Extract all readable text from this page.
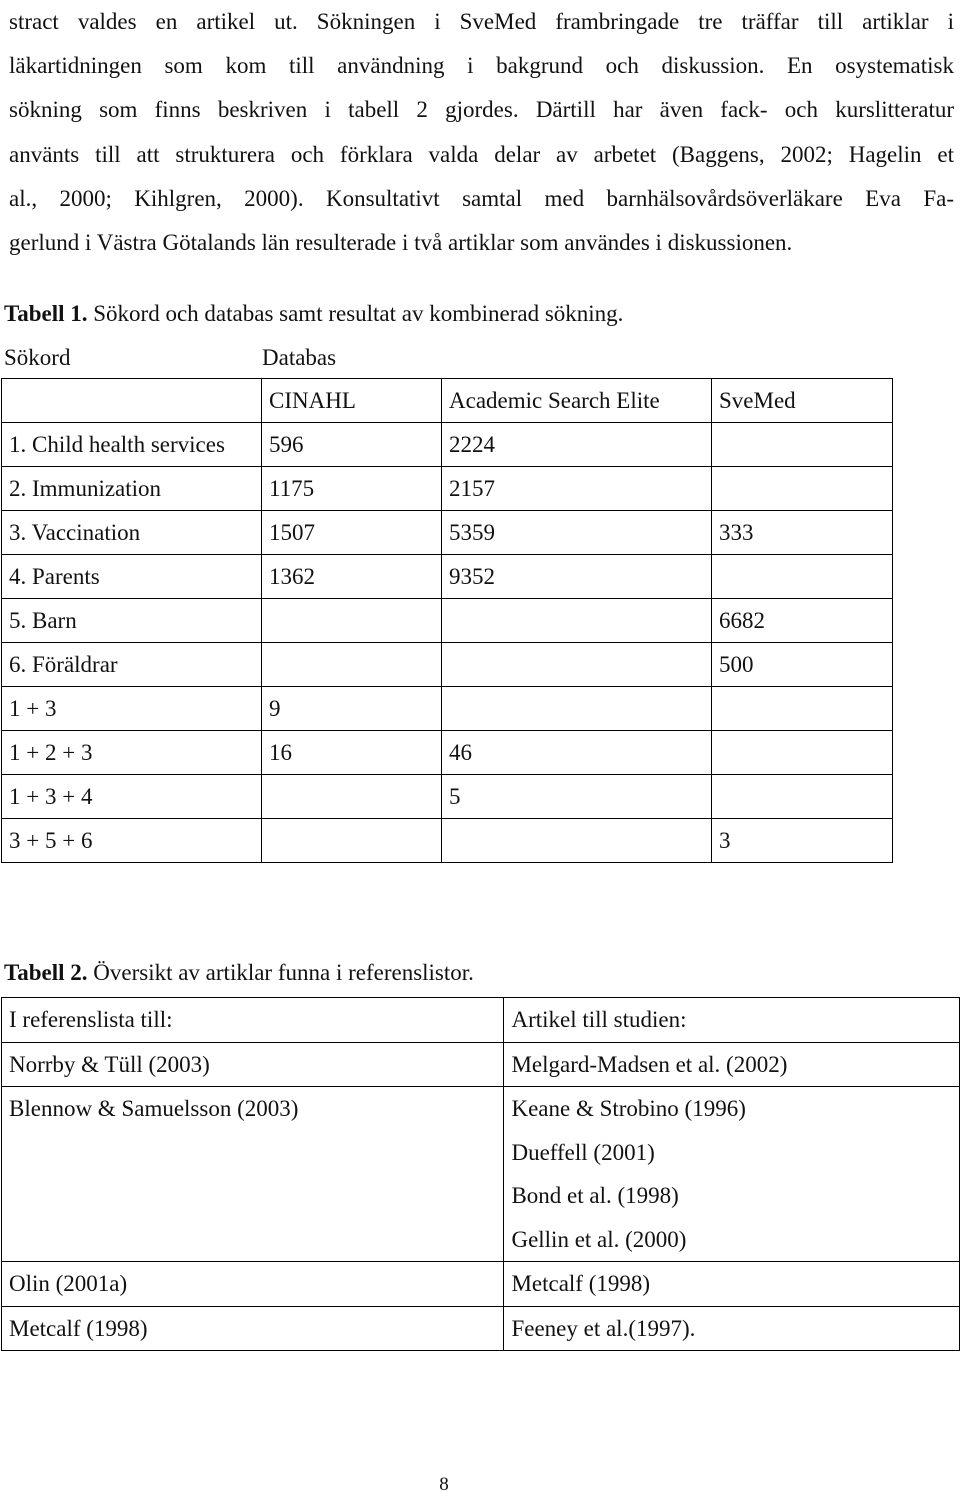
stract valdes en artikel ut. Sökningen i SveMed frambringade tre träffar till artiklar i
läkartidningen som kom till användning i bakgrund och diskussion. En osystematisk
sökning som finns beskriven i tabell 2 gjordes. Därtill har även fack- och kurslitteratur
använts till att strukturera och förklara valda delar av arbetet (Baggens, 2002; Hagelin et
al., 2000; Kihlgren, 2000). Konsultativt samtal med barnhälsovårdsöverläkare Eva Fa-
gerlund i Västra Götalands län resulterade i två artiklar som användes i diskussionen.
Tabell 1. Sökord och databas samt resultat av kombinerad sökning.
Sökord	Databas
	CINAHL	Academic Search Elite	SveMed
1. Child health services	596	2224	
2. Immunization	1175	2157	
3. Vaccination	1507	5359	333
4. Parents	1362	9352	
5. Barn			6682
6. Föräldrar			500
1 + 3	9		
1 + 2 + 3	16	46	
1 + 3 + 4		5	
3 + 5 + 6			3
Tabell 2. Översikt av artiklar funna i referenslistor.
I referenslista till:	Artikel till studien:

Norrby & Tüll (2003)	Melgard-Madsen et al. (2002)

Blennow & Samuelsson (2003)	Keane & Strobino (1996)
Dueffell (2001)
Bond et al. (1998)
Gellin et al. (2000)

Olin (2001a)	Metcalf (1998)

Metcalf (1998)	Feeney et al.(1997).
8
